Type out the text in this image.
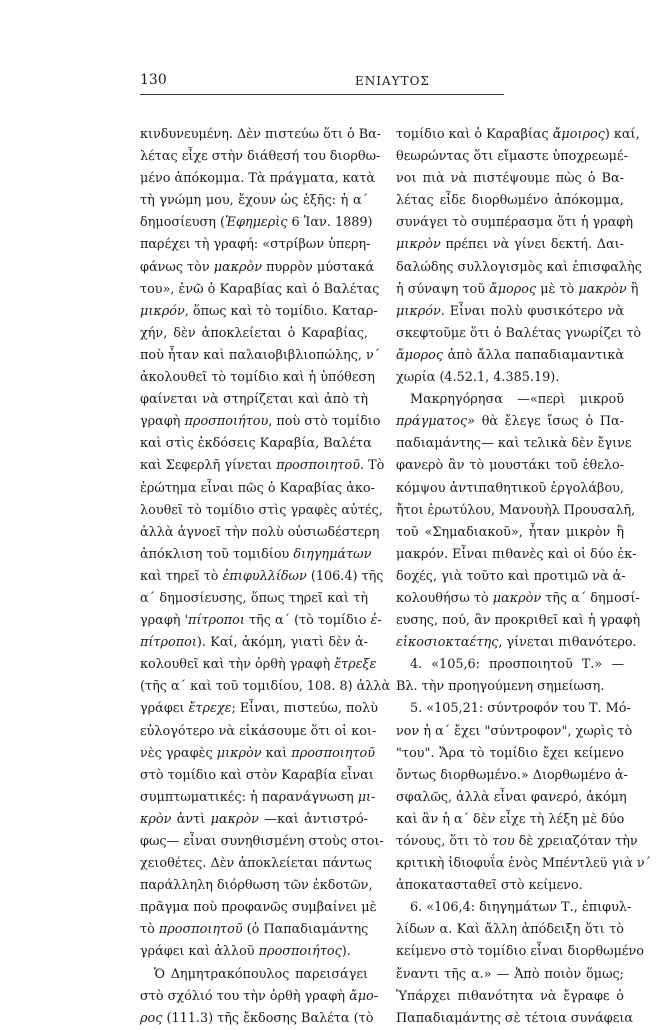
130	ΕΝΙΑΥΤΟΣ
κινδυνευμένη. Δὲν πιστεύω ὅτι ὁ Βα-
λέτας εἶχε στὴν διάθεσή του διορθω-
μένο ἀπόκομμα. Τὰ πράγματα, κατὰ
τὴ γνώμη μου, ἔχουν ὡς ἑξῆς: ἡ α΄
δημοσίευση (Ἐφημερὶς 6 Ἰαν. 1889)
παρέχει τὴ γραφή: «στρίβων ὑπερη-
φάνως τὸν μακρὸν πυρρὸν μύστακά
του», ἐνῶ ὁ Καραβίας καὶ ὁ Βαλέτας
μικρόν, ὅπως καὶ τὸ τομίδιο. Καταρ-
χήν, δὲν ἀποκλείεται ὁ Καραβίας,
ποὺ ἦταν καὶ παλαιοβιβλιοπώλης, ν΄
ἀκολουθεῖ τὸ τομίδιο καὶ ἡ ὑπόθεση
φαίνεται νὰ στηρίζεται καὶ ἀπὸ τὴ
γραφὴ προσποιήτου, ποὺ στὸ τομίδιο
καὶ στὶς ἐκδόσεις Καραβία, Βαλέτα
καὶ Σεφερλῆ γίνεται προσποιητοῦ. Τὸ
ἐρώτημα εἶναι πῶς ὁ Καραβίας ἀκο-
λουθεῖ τὸ τομίδιο στὶς γραφὲς αὐτές,
ἀλλὰ ἀγνοεῖ τὴν πολὺ οὐσιωδέστερη
ἀπόκλιση τοῦ τομιδίου διηγημάτων
καὶ τηρεῖ τὸ ἐπιφυλλίδων (106.4) τῆς
α΄ δημοσίευσης, ὅπως τηρεῖ καὶ τὴ
γραφὴ 'πίτροποι τῆς α΄ (τὸ τομίδιο ἐ-
πίτροποι). Καί, ἀκόμη, γιατὶ δὲν ἀ-
κολουθεῖ καὶ τὴν ὀρθὴ γραφὴ ἔτρεξε
(τῆς α΄ καὶ τοῦ τομιδίου, 108. 8) ἀλλὰ
γράφει ἔτρεχε; Εἶναι, πιστεύω, πολὺ
εὐλογότερο νὰ εἰκάσουμε ὅτι οἱ κοι-
νὲς γραφὲς μικρὸν καὶ προσποιητοῦ
στὸ τομίδιο καὶ στὸν Καραβία εἶναι
συμπτωματικές: ἡ παρανάγνωση μι-
κρὸν ἀντὶ μακρὸν —καὶ ἀντιστρό-
φως— εἶναι συνηθισμένη στοὺς στοι-
χειοθέτες. Δὲν ἀποκλείεται πάντως
παράλληλη διόρθωση τῶν ἐκδοτῶν,
πρᾶγμα ποὺ προφανῶς συμβαίνει μὲ
τὸ προσποιητοῦ (ὁ Παπαδιαμάντης
γράφει καὶ ἀλλοῦ προσποιήτος).
Ὁ Δημητρακόπουλος παρεισάγει
στὸ σχόλιό του τὴν ὀρθὴ γραφὴ ἄμο-
ρος (111.3) τῆς ἔκδοσης Βαλέτα (τὸ
τομίδιο καὶ ὁ Καραβίας ἄμοιρος) καί,
θεωρώντας ὅτι εἴμαστε ὑποχρεωμέ-
νοι πιὰ νὰ πιστέψουμε πὼς ὁ Βα-
λέτας εἶδε διορθωμένο ἀπόκομμα,
συνάγει τὸ συμπέρασμα ὅτι ἡ γραφὴ
μικρὸν πρέπει νὰ γίνει δεκτή. Δαι-
δαλώδης συλλογισμὸς καὶ ἐπισφαλὴς
ἡ σύναψη τοῦ ἄμορος μὲ τὸ μακρὸν ἢ
μικρόν. Εἶναι πολὺ φυσικότερο νὰ
σκεφτοῦμε ὅτι ὁ Βαλέτας γνωρίζει τὸ
ἄμορος ἀπὸ ἄλλα παπαδιαμαντικὰ
χωρία (4.52.1, 4.385.19).
Μακρηγόρησα —«περὶ μικροῦ
πράγματος» θὰ ἔλεγε ἴσως ὁ Πα-
παδιαμάντης— καὶ τελικὰ δὲν ἔγινε
φανερὸ ἂν τὸ μουστάκι τοῦ ἐθελο-
κόμψου ἀντιπαθητικοῦ ἐργολάβου,
ἤτοι ἐρωτύλου, Μανουὴλ Προυσαλῆ,
τοῦ «Σημαδιακοῦ», ἦταν μικρὸν ἢ
μακρόν. Εἶναι πιθανὲς καὶ οἱ δύο ἐκ-
δοχές, γιὰ τοῦτο καὶ προτιμῶ νὰ ἀ-
κολουθήσω τὸ μακρὸν τῆς α΄ δημοσί-
ευσης, πού, ἂν προκριθεῖ καὶ ἡ γραφὴ
εἰκοσιοκταέτης, γίνεται πιθανότερο.
4. «105,6: προσποιητοῦ Τ.» —
Βλ. τὴν προηγούμενη σημείωση.
5. «105,21: σύντροφόν του Τ. Μό-
νον ἡ α΄ ἔχει "σύντροφον", χωρὶς τὸ
"του". Ἄρα τὸ τομίδιο ἔχει κείμενο
ὄντως διορθωμένο.» Διορθωμένο ἀ-
σφαλῶς, ἀλλὰ εἶναι φανερό, ἀκόμη
καὶ ἂν ἡ α΄ δὲν εἶχε τὴ λέξη μὲ δύο
τόνους, ὅτι τὸ του δὲ χρειαζόταν τὴν
κριτικὴ ἰδιοφυΐα ἑνὸς Μπέντλεϋ γιὰ ν΄
ἀποκατασταθεῖ στὸ κείμενο.
6. «106,4: διηγημάτων Τ., ἐπιφυλ-
λίδων α. Καὶ ἄλλη ἀπόδειξη ὅτι τὸ
κείμενο στὸ τομίδιο εἶναι διορθωμένο
ἔναντι τῆς α.» — Ἀπὸ ποιὸν ὅμως;
Ὑπάρχει πιθανότητα νὰ ἔγραφε ὁ
Παπαδιαμάντης σὲ τέτοια συνάφεια
